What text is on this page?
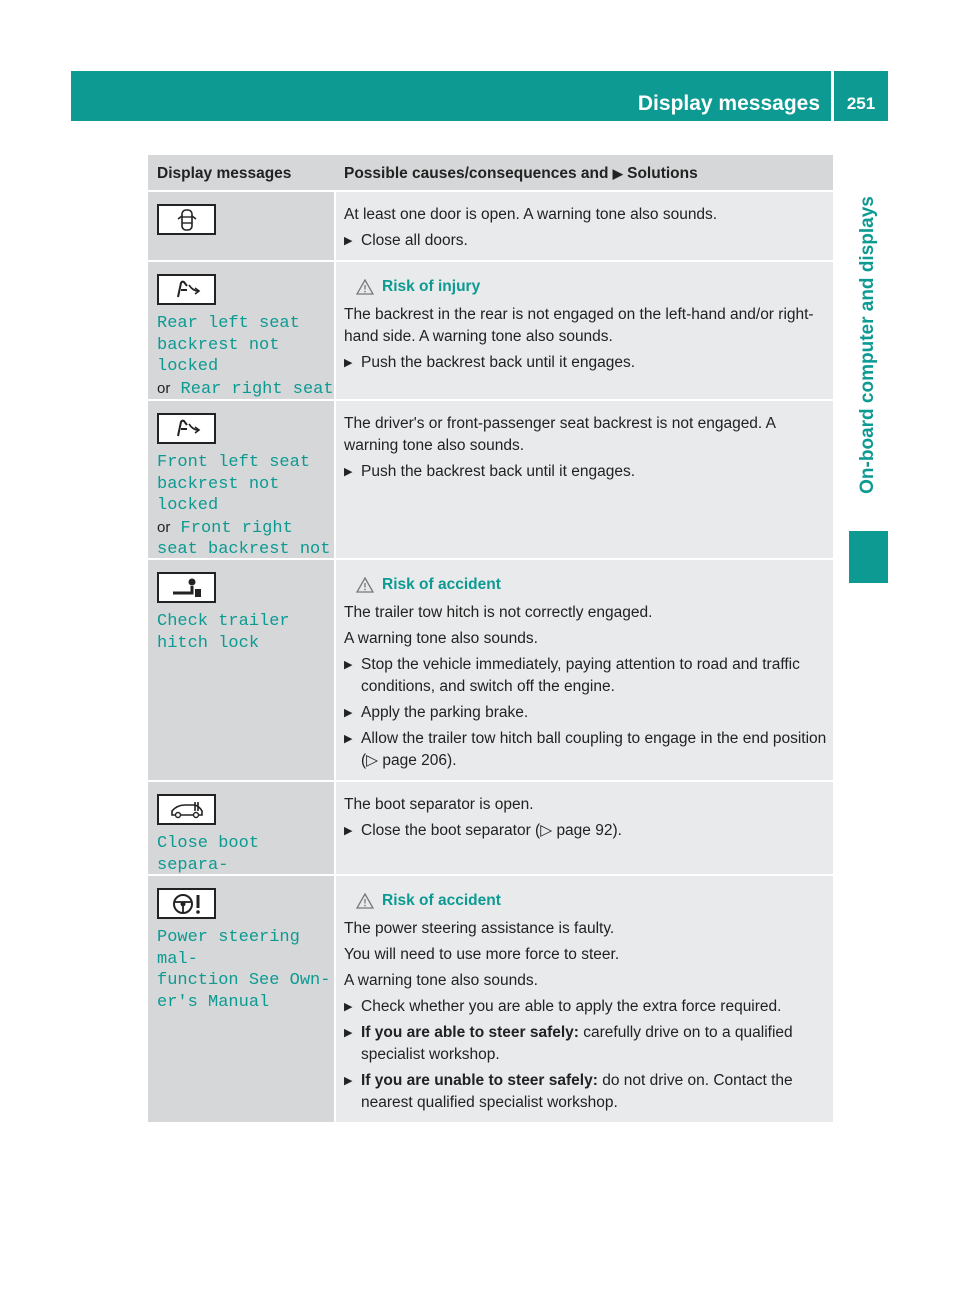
Display messages	251
On-board computer and displays
Display messages	Possible causes/consequences and ▶ Solutions

At least one door is open. A warning tone also sounds.

▶ Close all doors.
Rear left seat
backrest not locked
or Rear right seat
Risk of injury

The backrest in the rear is not engaged on the left-hand and/or right-hand side. A warning tone also sounds.

▶ Push the backrest back until it engages.
Front left seat
backrest not locked
or Front right
seat backrest not

The driver's or front-passenger seat backrest is not engaged. A warning tone also sounds.

▶ Push the backrest back until it engages.
Check trailer
hitch lock
Risk of accident

The trailer tow hitch is not correctly engaged.

A warning tone also sounds.

▶ Stop the vehicle immediately, paying attention to road and traffic conditions, and switch off the engine.
▶ Apply the parking brake.
▶ Allow the trailer tow hitch ball coupling to engage in the end position (▷ page 206).
Close boot separa-

The boot separator is open.

▶ Close the boot separator (▷ page 92).
Power steering mal-
function See Own-
er's Manual
Risk of accident

The power steering assistance is faulty.

You will need to use more force to steer.

A warning tone also sounds.

▶ Check whether you are able to apply the extra force required.
▶ If you are able to steer safely: carefully drive on to a qualified specialist workshop.
▶ If you are unable to steer safely: do not drive on. Contact the nearest qualified specialist workshop.
